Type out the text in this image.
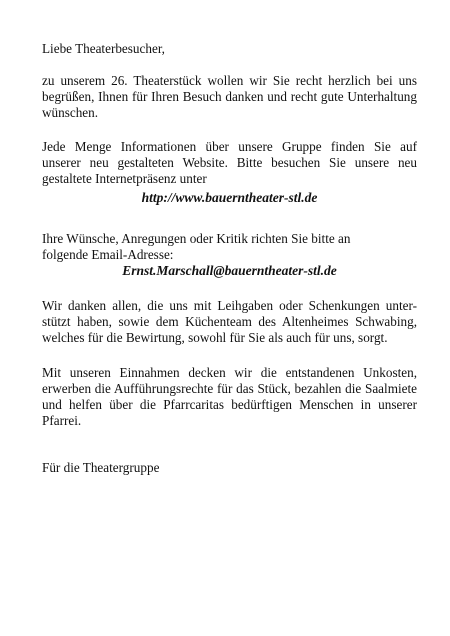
Liebe Theaterbesucher,

zu unserem 26. Theaterstück wollen wir Sie recht herzlich bei uns
begrüßen, Ihnen für Ihren Besuch danken und recht gute Unterhaltung
wünschen.

Jede Menge Informationen über unsere Gruppe finden Sie auf
unserer neu gestalteten Website. Bitte besuchen Sie unsere neu
gestaltete Internetpräsenz unter

http://www.bauerntheater-stl.de

Ihre Wünsche, Anregungen oder Kritik richten Sie bitte an
folgende Email-Adresse:

Ernst.Marschall@bauerntheater-stl.de

Wir danken allen, die uns mit Leihgaben oder Schenkungen unter-
stützt haben, sowie dem Küchenteam des Altenheimes Schwabing,
welches für die Bewirtung, sowohl für Sie als auch für uns, sorgt.

Mit unseren Einnahmen decken wir die entstandenen Unkosten,
erwerben die Aufführungsrechte für das Stück, bezahlen die Saalmiete
und helfen über die Pfarrcaritas bedürftigen Menschen in unserer
Pfarrei.

Für die Theatergruppe
